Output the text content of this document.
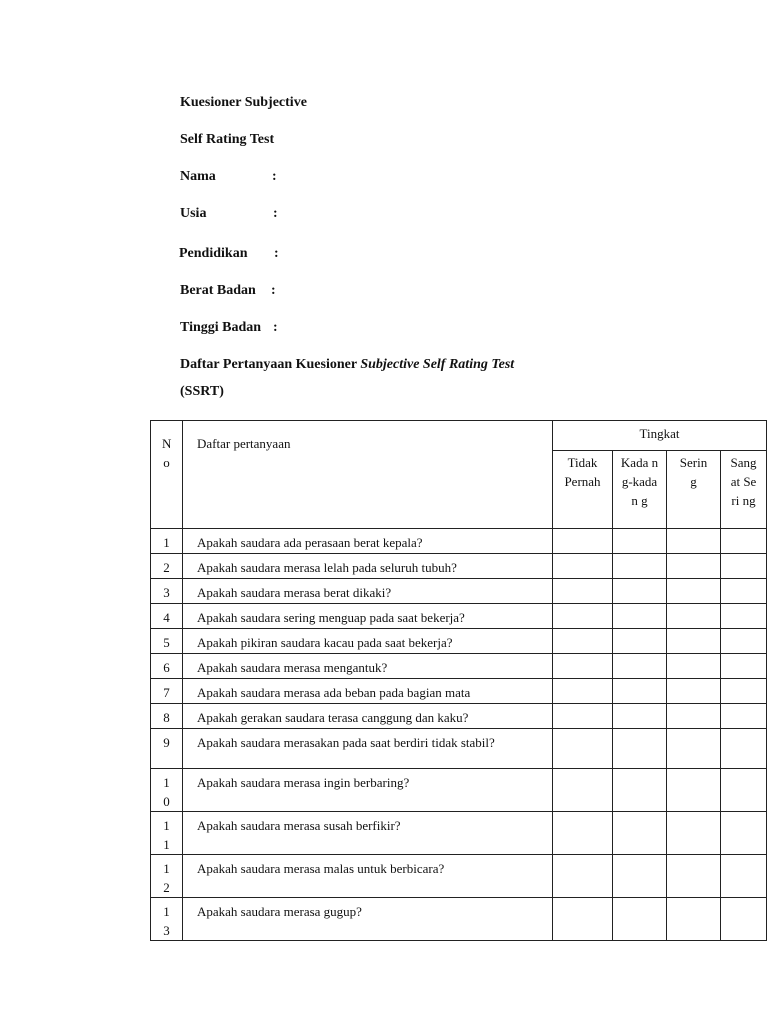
Kuesioner Subjective
Self Rating Test
Nama	:
Usia	:
Pendidikan :
Berat Badan :
Tinggi Badan :
Daftar Pertanyaan Kuesioner Subjective Self Rating Test
(SSRT)
N o	Daftar pertanyaan	Tingkat			

		Tidak Pernah	Kada ng-kadan g	Serin g	Sang at Seri ng

1	Apakah saudara ada perasaan berat kepala?				
2	Apakah saudara merasa lelah pada seluruh tubuh?				
3	Apakah saudara merasa berat dikaki?				
4	Apakah saudara sering menguap pada saat bekerja?				
5	Apakah pikiran saudara kacau pada saat bekerja?				
6	Apakah saudara merasa mengantuk?				
7	Apakah saudara merasa ada beban pada bagian mata				
8	Apakah gerakan saudara terasa canggung dan kaku?				
9	Apakah saudara merasakan pada saat berdiri tidak stabil?				

1 0	Apakah saudara merasa ingin berbaring?				

1 1	Apakah saudara merasa susah berfikir?				

1 2	Apakah saudara merasa malas untuk berbicara?				

1 3	Apakah saudara merasa gugup?				
